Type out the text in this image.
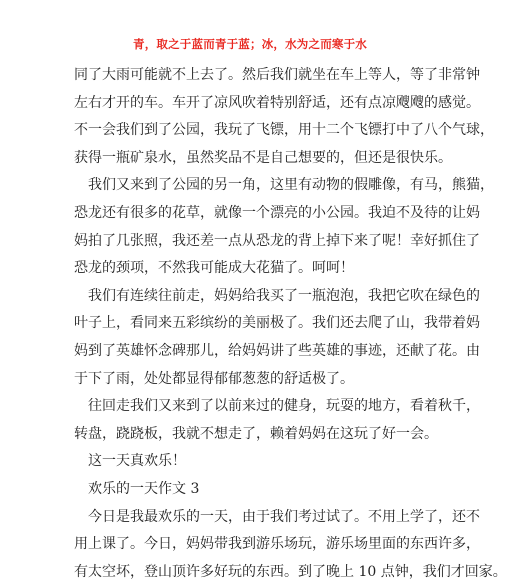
青，取之于蓝而青于蓝；冰，水为之而寒于水
同了大雨可能就不上去了。然后我们就坐在车上等人，等了非常钟
左右才开的车。车开了凉风吹着特别舒适，还有点凉飕飕的感觉。
不一会我们到了公园，我玩了飞镖，用十二个飞镖打中了八个气球，
获得一瓶矿泉水，虽然奖品不是自己想要的，但还是很快乐。
我们又来到了公园的另一角，这里有动物的假雕像，有马，熊猫，
恐龙还有很多的花草，就像一个漂亮的小公园。我迫不及待的让妈
妈拍了几张照，我还差一点从恐龙的背上掉下来了呢！幸好抓住了
恐龙的颈项，不然我可能成大花猫了。呵呵！
我们有连续往前走，妈妈给我买了一瓶泡泡，我把它吹在绿色的
叶子上，看同来五彩缤纷的美丽极了。我们还去爬了山，我带着妈
妈到了英雄怀念碑那儿，给妈妈讲了些英雄的事迹，还献了花。由
于下了雨，处处都显得郁郁葱葱的舒适极了。
往回走我们又来到了以前来过的健身，玩耍的地方，看着秋千，
转盘，跷跷板，我就不想走了，赖着妈妈在这玩了好一会。
这一天真欢乐！
欢乐的一天作文 3
今日是我最欢乐的一天，由于我们考过试了。不用上学了，还不
用上课了。今日，妈妈带我到游乐场玩，游乐场里面的东西许多，
有太空坏，登山顶许多好玩的东西。到了晚上 10 点钟，我们才回家。
